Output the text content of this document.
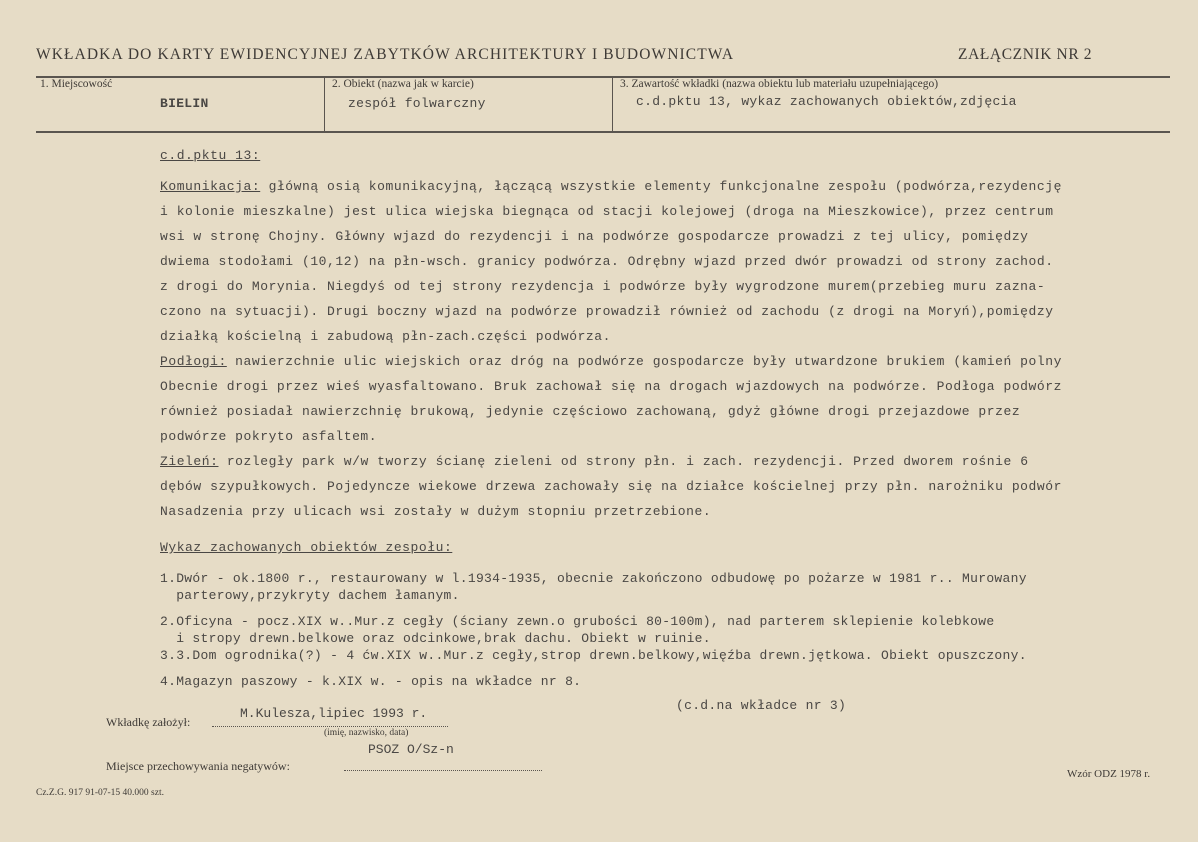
WKŁADKA DO KARTY EWIDENCYJNEJ ZABYTKÓW ARCHITEKTURY I BUDOWNICTWA	ZAŁĄCZNIK NR 2
1. Miejscowość
BIELIN
2. Obiekt (nazwa jak w karcie)
zespół folwarczny
3. Zawartość wkładki (nazwa obiektu lub materiału uzupełniającego)
c.d.pktu 13, wykaz zachowanych obiektów,zdjęcia
c.d.pktu 13:
Komunikacja: główną osią komunikacyjną, łączącą wszystkie elementy funkcjonalne zespołu (podwórza,rezydencję
i kolonie mieszkalne) jest ulica wiejska biegnąca od stacji kolejowej (droga na Mieszkowice), przez centrum
wsi w stronę Chojny. Główny wjazd do rezydencji i na podwórze gospodarcze prowadzi z tej ulicy, pomiędzy
dwiema stodołami (10,12) na płn-wsch. granicy podwórza. Odrębny wjazd przed dwór prowadzi od strony zachod.
z drogi do Morynia. Niegdyś od tej strony rezydencja i podwórze były wygrodzone murem(przebieg muru zazna-
czono na sytuacji). Drugi boczny wjazd na podwórze prowadził również od zachodu (z drogi na Moryń),pomiędzy
działką kościelną i zabudową płn-zach.części podwórza.
Podłogi: nawierzchnie ulic wiejskich oraz dróg na podwórze gospodarcze były utwardzone brukiem (kamień polny
Obecnie drogi przez wieś wyasfaltowano. Bruk zachował się na drogach wjazdowych na podwórze. Podłoga podwórz
również posiadał nawierzchnię brukową, jedynie częściowo zachowaną, gdyż główne drogi przejazdowe przez
podwórze pokryto asfaltem.
Zieleń: rozległy park w/w tworzy ścianę zieleni od strony płn. i zach. rezydencji. Przed dworem rośnie 6
dębów szypułkowych. Pojedyncze wiekowe drzewa zachowały się na działce kościelnej przy płn. narożniku podwór
Nasadzenia przy ulicach wsi zostały w dużym stopniu przetrzebione.
Wykaz zachowanych obiektów zespołu:
1.Dwór - ok.1800 r., restaurowany w l.1934-1935, obecnie zakończono odbudowę po pożarze w 1981 r.. Murowany
parterowy,przykryty dachem łamanym.
2.Oficyna - pocz.XIX w..Mur.z cegły (ściany zewn.o grubości 80-100m), nad parterem sklepienie kolebkowe
i stropy drewn.belkowe oraz odcinkowe,brak dachu. Obiekt w ruinie.
3.3.Dom ogrodnika(?) - 4 ćw.XIX w..Mur.z cegły,strop drewn.belkowy,więźba drewn.jętkowa. Obiekt opuszczony.
4.Magazyn paszowy - k.XIX w. - opis na wkładce nr 8.
(c.d.na wkładce nr 3)
Wkładkę założył:
M.Kulesza,lipiec 1993 r.
(imię, nazwisko, data)
PSOZ O/Sz-n
Miejsce przechowywania negatywów:
Cz.Z.G. 917 91-07-15 40.000 szt.
Wzór ODZ 1978 r.
